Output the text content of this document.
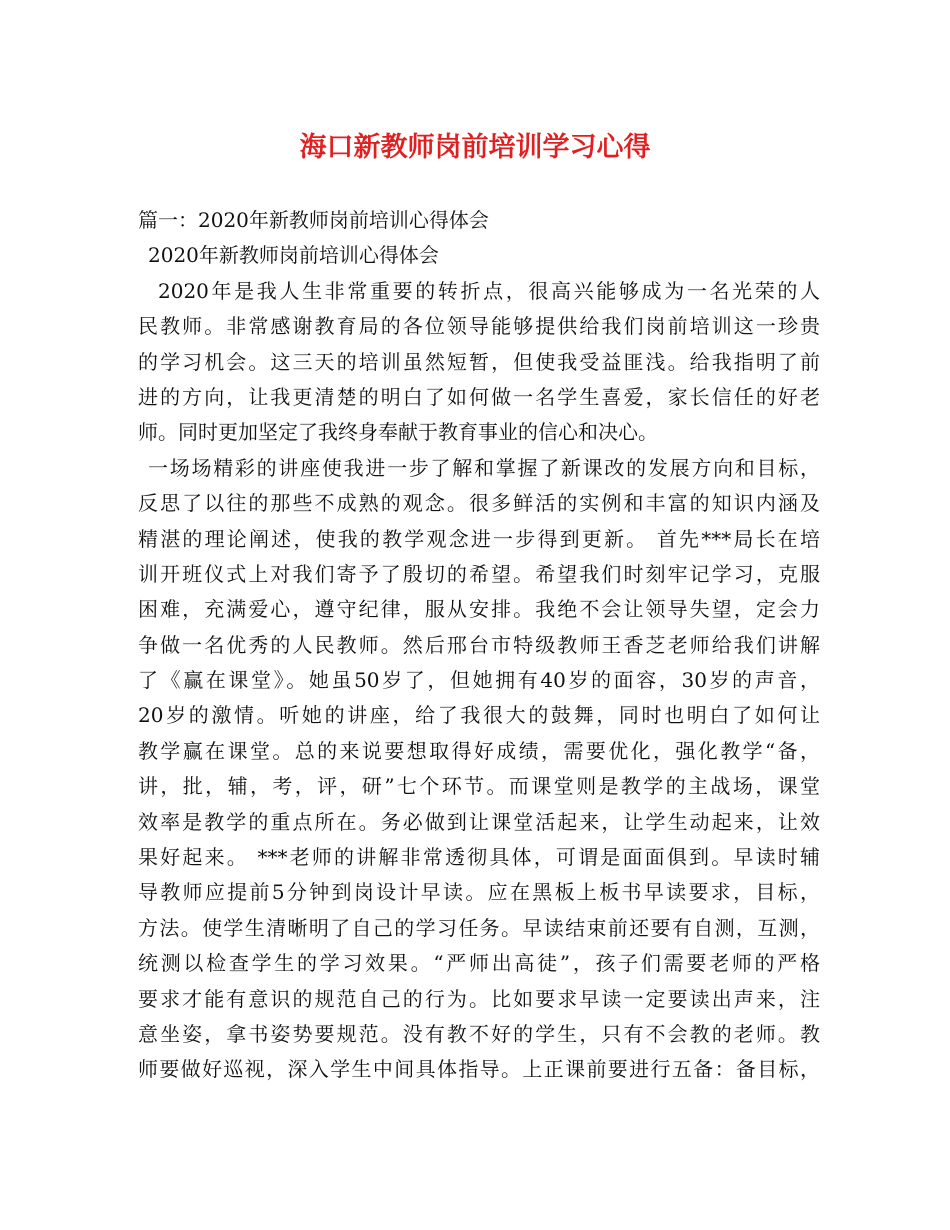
海口新教师岗前培训学习心得
篇一：2020年新教师岗前培训心得体会
2020年新教师岗前培训心得体会
2020年是我人生非常重要的转折点，很高兴能够成为一名光荣的人
民教师。非常感谢教育局的各位领导能够提供给我们岗前培训这一珍贵
的学习机会。这三天的培训虽然短暂，但使我受益匪浅。给我指明了前
进的方向，让我更清楚的明白了如何做一名学生喜爱，家长信任的好老
师。同时更加坚定了我终身奉献于教育事业的信心和决心。
一场场精彩的讲座使我进一步了解和掌握了新课改的发展方向和目标，
反思了以往的那些不成熟的观念。很多鲜活的实例和丰富的知识内涵及
精湛的理论阐述，使我的教学观念进一步得到更新。 首先***局长在培
训开班仪式上对我们寄予了殷切的希望。希望我们时刻牢记学习，克服
困难，充满爱心，遵守纪律，服从安排。我绝不会让领导失望，定会力
争做一名优秀的人民教师。然后邢台市特级教师王香芝老师给我们讲解
了《赢在课堂》。她虽50岁了，但她拥有40岁的面容，30岁的声音，
20岁的激情。听她的讲座，给了我很大的鼓舞，同时也明白了如何让
教学赢在课堂。总的来说要想取得好成绩，需要优化，强化教学“备，
讲，批，辅，考，评，研”七个环节。而课堂则是教学的主战场，课堂
效率是教学的重点所在。务必做到让课堂活起来，让学生动起来，让效
果好起来。 ***老师的讲解非常透彻具体，可谓是面面俱到。早读时辅
导教师应提前5分钟到岗设计早读。应在黑板上板书早读要求，目标，
方法。使学生清晰明了自己的学习任务。早读结束前还要有自测，互测，
统测以检查学生的学习效果。“严师出高徒”，孩子们需要老师的严格
要求才能有意识的规范自己的行为。比如要求早读一定要读出声来，注
意坐姿，拿书姿势要规范。没有教不好的学生，只有不会教的老师。教
师要做好巡视，深入学生中间具体指导。上正课前要进行五备：备目标，
